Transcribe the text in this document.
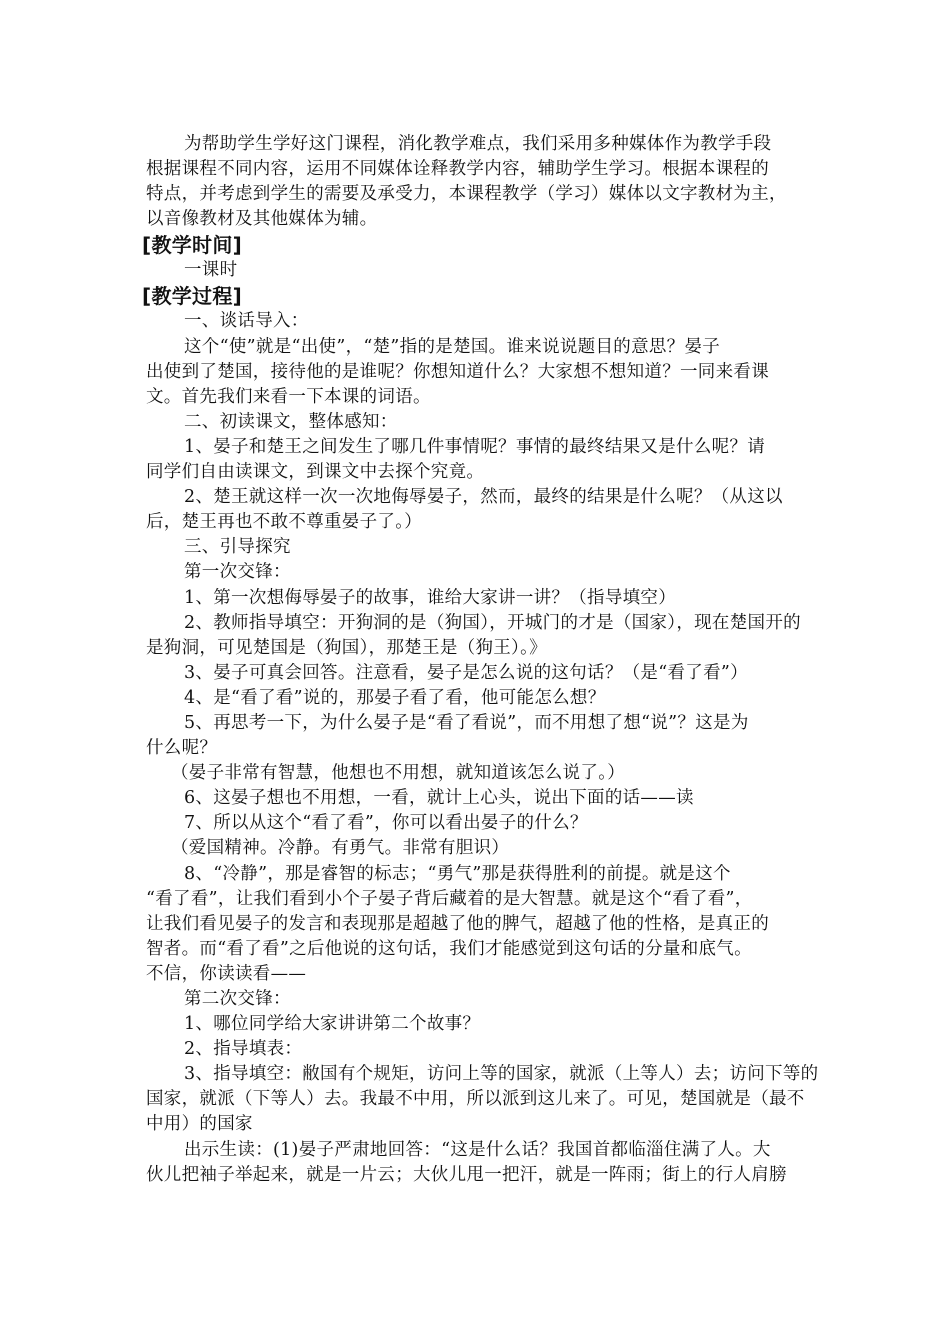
为帮助学生学好这门课程，消化教学难点，我们采用多种媒体作为教学手段
根据课程不同内容，运用不同媒体诠释教学内容，辅助学生学习。根据本课程的
特点，并考虑到学生的需要及承受力，本课程教学（学习）媒体以文字教材为主，
以音像教材及其他媒体为辅。
[教学时间]
一课时
[教学过程]
一、谈话导入：
这个“使”就是“出使”，“楚”指的是楚国。谁来说说题目的意思？晏子
出使到了楚国，接待他的是谁呢？你想知道什么？大家想不想知道？一同来看课
文。首先我们来看一下本课的词语。
二、初读课文，整体感知：
1、晏子和楚王之间发生了哪几件事情呢？事情的最终结果又是什么呢？请
同学们自由读课文，到课文中去探个究竟。
2、楚王就这样一次一次地侮辱晏子，然而，最终的结果是什么呢？（从这以
后，楚王再也不敢不尊重晏子了。）
三、引导探究
第一次交锋：
1、第一次想侮辱晏子的故事，谁给大家讲一讲？（指导填空）
2、教师指导填空：开狗洞的是（狗国），开城门的才是（国家），现在楚国开的
是狗洞，可见楚国是（狗国），那楚王是（狗王）。》
3、晏子可真会回答。注意看，晏子是怎么说的这句话？（是“看了看”）
4、是“看了看”说的，那晏子看了看，他可能怎么想？
5、再思考一下，为什么晏子是“看了看说”，而不用想了想“说”？这是为
什么呢？
（晏子非常有智慧，他想也不用想，就知道该怎么说了。）
6、这晏子想也不用想，一看，就计上心头，说出下面的话——读
7、所以从这个“看了看”，你可以看出晏子的什么？
（爱国精神。冷静。有勇气。非常有胆识）
8、“冷静”，那是睿智的标志；“勇气”那是获得胜利的前提。就是这个
“看了看”，让我们看到小个子晏子背后藏着的是大智慧。就是这个“看了看”，
让我们看见晏子的发言和表现那是超越了他的脾气，超越了他的性格，是真正的
智者。而“看了看”之后他说的这句话，我们才能感觉到这句话的分量和底气。
不信，你读读看——
第二次交锋：
1、哪位同学给大家讲讲第二个故事？
2、指导填表：
3、指导填空：敝国有个规矩，访问上等的国家，就派（上等人）去；访问下等的
国家，就派（下等人）去。我最不中用，所以派到这儿来了。可见，楚国就是（最不
中用）的国家
出示生读：(1)晏子严肃地回答：“这是什么话？我国首都临淄住满了人。大
伙儿把袖子举起来，就是一片云；大伙儿甩一把汗，就是一阵雨；街上的行人肩膀
